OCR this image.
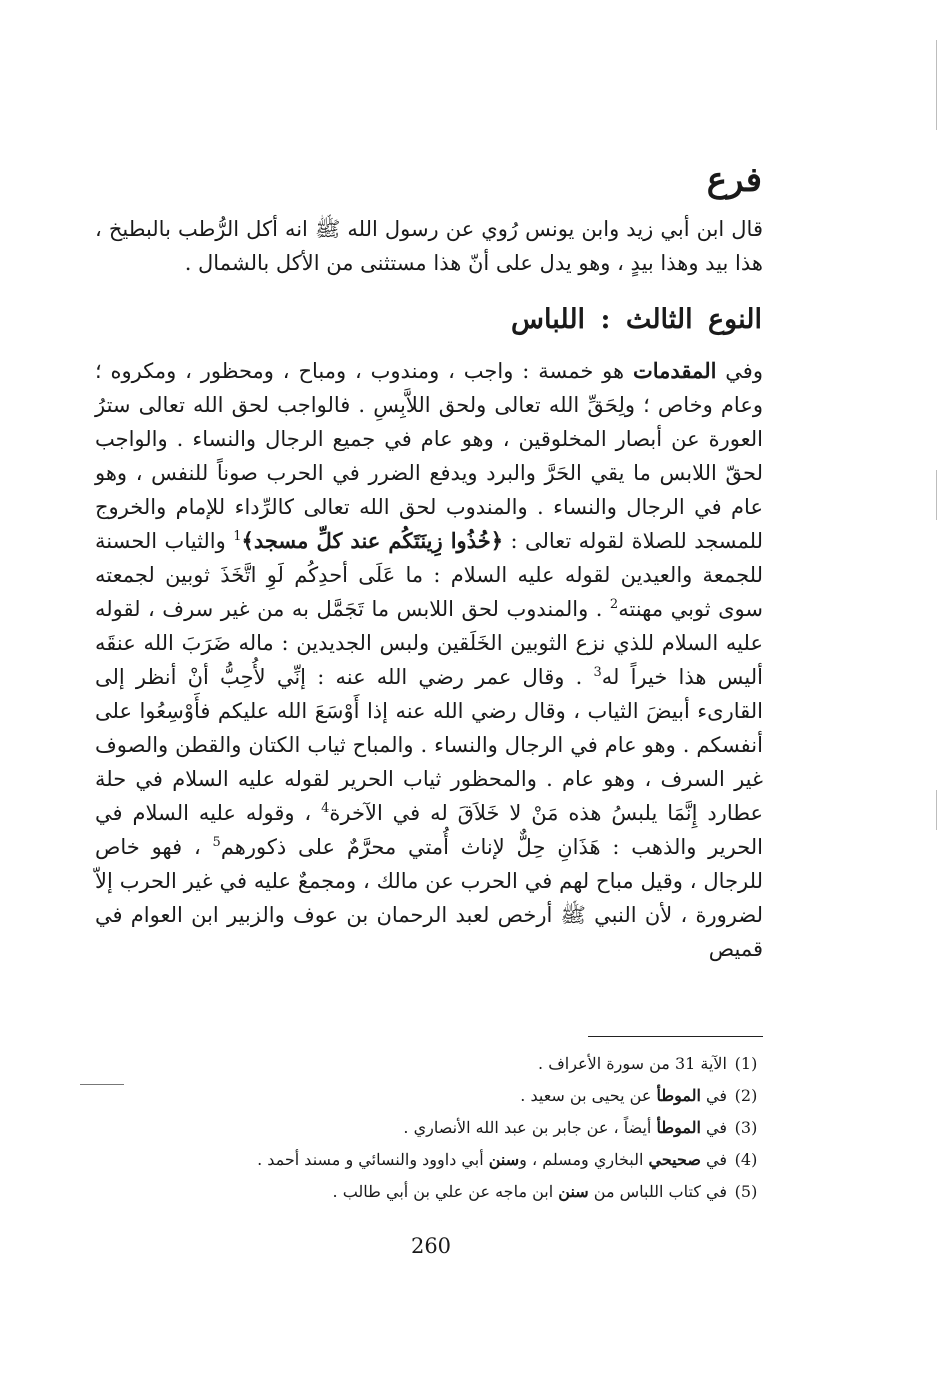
فرع
قال ابن أبي زيد وابن يونس رُوي عن رسول الله ﷺ انه أكل الرُّطب بالبطيخ ، هذا بيد وهذا بيدٍ ، وهو يدل على أنّ هذا مستثنى من الأكل بالشمال .
النوع الثالث : اللباس
وفي المقدمات هو خمسة : واجب ، ومندوب ، ومباح ، ومحظور ، ومكروه ؛ وعام وخاص ؛ ولِحَقِّ الله تعالى ولحق اللاَّبِسِ . فالواجب لحق الله تعالى سترُ العورة عن أبصار المخلوقين ، وهو عام في جميع الرجال والنساء . والواجب لحقّ اللابس ما يقي الحَرَّ والبرد ويدفع الضرر في الحرب صوناً للنفس ، وهو عام في الرجال والنساء . والمندوب لحق الله تعالى كالرِّداء للإمام والخروج للمسجد للصلاة لقوله تعالى : ﴿خُذُوا زِينَتَكُم عند كلِّ مسجد﴾$^1$ والثياب الحسنة للجمعة والعيدين لقوله عليه السلام : ما عَلَى أحدِكُم لَوِ اتَّخَذَ ثوبين لجمعته سوى ثوبي مهنته$^2$ . والمندوب لحق اللابس ما تَجَمَّل به من غير سرف ، لقوله عليه السلام للذي نزع الثوبين الخَلَقين ولبس الجديدين : ماله ضَرَبَ الله عنقَه أليس هذا خيراً له$^3$ . وقال عمر رضي الله عنه : إنِّي لأُحِبُّ أنْ أنظر إلى القارىء أبيضَ الثياب ، وقال رضي الله عنه إذا أَوْسَعَ الله عليكم فأَوْسِعُوا على أنفسكم . وهو عام في الرجال والنساء . والمباح ثياب الكتان والقطن والصوف غير السرف ، وهو عام . والمحظور ثياب الحرير لقوله عليه السلام في حلة عطارد إِنَّمَا يلبسُ هذه مَنْ لا خَلاَقَ له في الآخرة$^4$ ، وقوله عليه السلام في الحرير والذهب : هَذَانِ حِلٌّ لإناث أُمتي محرَّمٌ على ذكورهم$^5$ ، فهو خاص للرجال ، وقيل مباح لهم في الحرب عن مالك ، ومجمعٌ عليه في غير الحرب إلاّ لضرورة ، لأن النبي ﷺ أرخص لعبد الرحمان بن عوف والزبير ابن العوام في قميص
(1)
الآية 31 من سورة الأعراف .
(2)
في الموطأ عن يحيى بن سعيد .
(3)
في الموطأ أيضاً ، عن جابر بن عبد الله الأنصاري .
(4)
في صحيحي البخاري ومسلم ، وسنن أبي داوود والنسائي و مسند أحمد .
(5)
في كتاب اللباس من سنن ابن ماجه عن علي بن أبي طالب .
260
